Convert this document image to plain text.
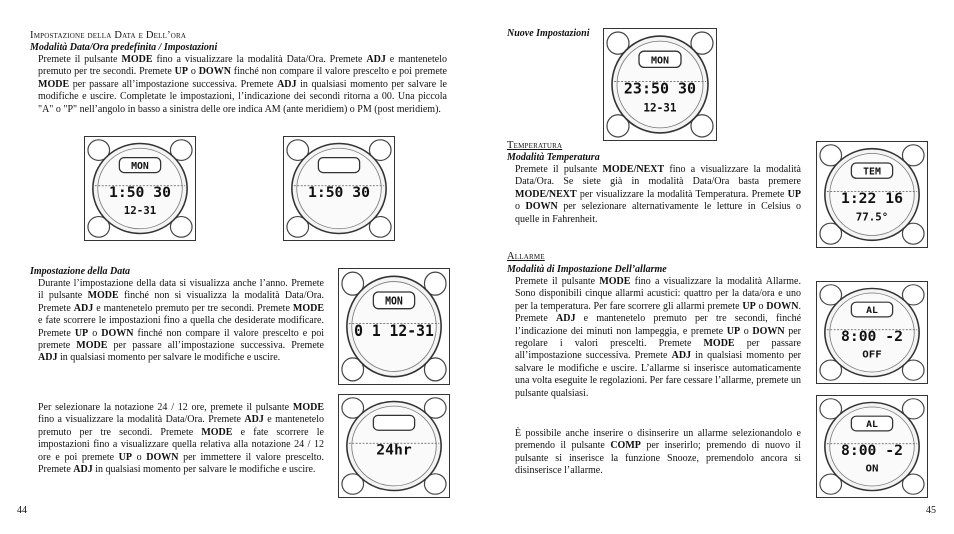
Impostazione della Data e Dell’ora
Modalità Data/Ora predefinita / Impostazioni
Premete il pulsante MODE fino a visualizzare la modalità Data/Ora. Premete ADJ e mantenetelo premuto per tre secondi. Premete UP o DOWN finché non compare il valore prescelto e poi premete MODE per passare all’impostazione successiva. Premete ADJ in qualsiasi momento per salvare le modifiche e uscire. Completate le impostazioni, l’indicazione dei secondi ritorna a 00. Una piccola "A" o "P" nell’angolo in basso a sinistra delle ore indica AM (ante meridiem) o PM (post meridiem).
MON
1:50 30
12-31
1:50 30
Impostazione della Data
Durante l’impostazione della data si visualizza anche l’anno. Premete il pulsante MODE finché non si visualizza la modalità Data/Ora. Premete ADJ e mantenetelo premuto per tre secondi. Premete MODE e fate scorrere le impostazioni fino a quella che desiderate modificare. Premete UP o DOWN finché non compare il valore prescelto e poi premete MODE per passare all’impostazione successiva. Premete ADJ in qualsiasi momento per salvare le modifiche e uscire.
MON
0 1 12-31
Per selezionare la notazione 24 / 12 ore, premete il pulsante MODE fino a visualizzare la modalità Data/Ora. Premete ADJ e mantenetelo premuto per tre secondi. Premete MODE e fate scorrere le impostazioni fino a visualizzare quella relativa alla notazione 24 / 12 ore e poi premete UP o DOWN per immettere il valore prescelto. Premete ADJ in qualsiasi momento per salvare le modifiche e uscire.
24hr
44
Nuove Impostazioni
MON
23:50 30
12-31
Temperatura
Modalità Temperatura
Premete il pulsante MODE/NEXT fino a visualizzare la modalità Data/Ora. Se siete già in modalità Data/Ora basta premere MODE/NEXT per visualizzare la modalità Temperatura. Premete UP o DOWN per selezionare alternativamente le letture in Celsius o quelle in Fahrenheit.
TEM
1:22 16
77.5°
Allarme
Modalità di Impostazione Dell’allarme
Premete il pulsante MODE fino a visualizzare la modalità Allarme. Sono disponibili cinque allarmi acustici: quattro per la data/ora e uno per la temperatura. Per fare scorrere gli allarmi premete UP o DOWN. Premete ADJ e mantenetelo premuto per tre secondi, finché l’indicazione dei minuti non lampeggia, e premete UP o DOWN per regolare i valori prescelti. Premete MODE per passare all’impostazione successiva. Premete ADJ in qualsiasi momento per salvare le modifiche e uscire. L’allarme si inserisce automaticamente una volta eseguite le regolazioni. Per fare cessare l’allarme, premete un pulsante qualsiasi.
AL
8:00 -2
OFF
È possibile anche inserire o disinserire un allarme selezionandolo e premendo il pulsante COMP per inserirlo; premendo di nuovo il pulsante si inserisce la funzione Snooze, premendolo ancora si disinserisce l’allarme.
AL
8:00 -2
ON
45
